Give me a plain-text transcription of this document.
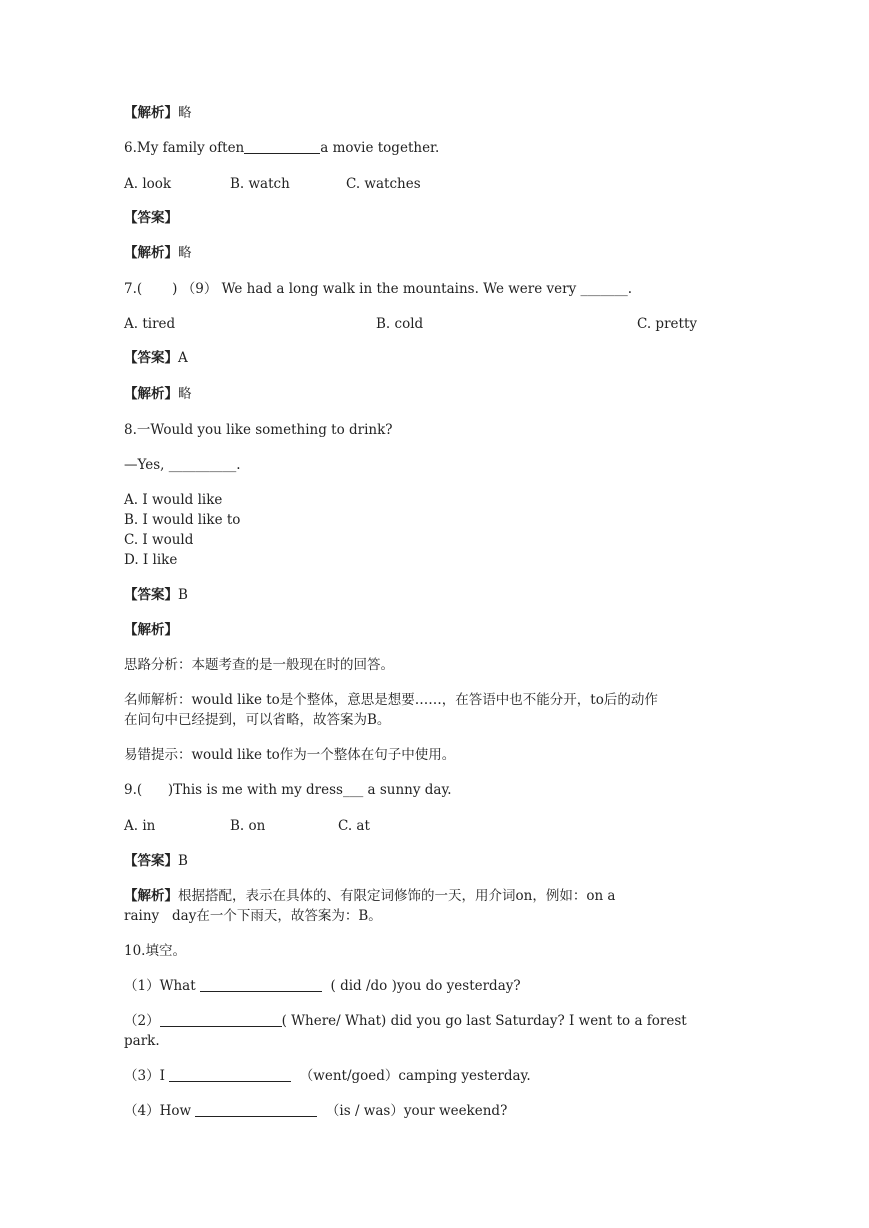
【解析】略
6.My family often	a movie together.
A. look	B. watch	C. watches
【答案】
【解析】略
7.(       ) （9） We had a long walk in the mountains. We were very _______.
A. tired	B. cold	C. pretty
【答案】A
【解析】略
8.一Would you like something to drink?
—Yes, __________.
A. I would like
B. I would like to
C. I would
D. I like
【答案】B
【解析】
思路分析：本题考查的是一般现在时的回答。
名师解析：would like to是个整体，意思是想要……，在答语中也不能分开，to后的动作
在问句中已经提到，可以省略，故答案为B。
易错提示：would like to作为一个整体在句子中使用。
9.(      )This is me with my dress___ a sunny day.
A. in	B. on	C. at
【答案】B
【解析】根据搭配，表示在具体的、有限定词修饰的一天，用介词on，例如：on a
rainy   day在一个下雨天，故答案为：B。
10.填空。
（1）What	( did /do )you do yesterday?
（2）	( Where/ What) did you go last Saturday? I went to a forest
park.
（3）I	（went/goed）camping yesterday.
（4）How	（is / was）your weekend?
